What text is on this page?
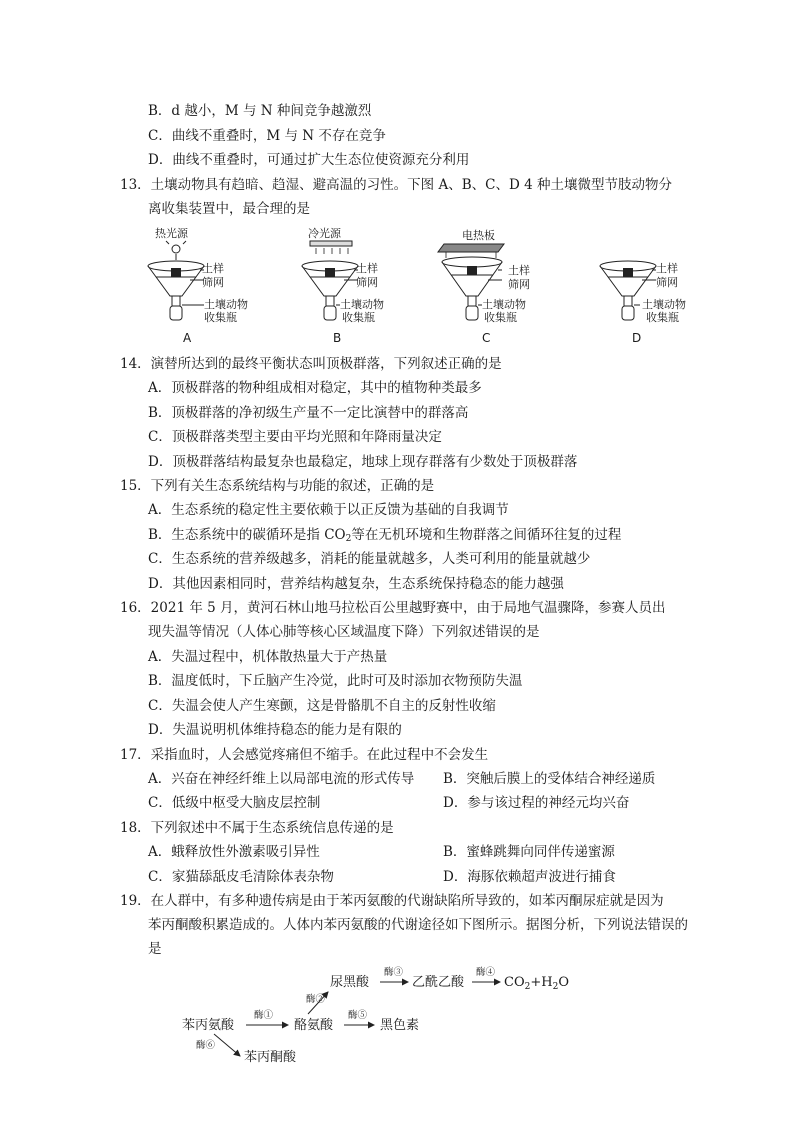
B．d 越小，M 与 N 种间竞争越激烈
C．曲线不重叠时，M 与 N 不存在竞争
D．曲线不重叠时，可通过扩大生态位使资源充分利用
13．土壤动物具有趋暗、趋湿、避高温的习性。下图 A、B、C、D 4 种土壤微型节肢动物分
离收集装置中，最合理的是
热光源
土样
筛网
土壤动物
收集瓶
A
冷光源
土样
筛网
土壤动物
收集瓶
B
电热板
土样
筛网
土壤动物
收集瓶
C
土样
筛网
土壤动物
收集瓶
D
14．演替所达到的最终平衡状态叫顶极群落，下列叙述正确的是
A．顶极群落的物种组成相对稳定，其中的植物种类最多
B．顶极群落的净初级生产量不一定比演替中的群落高
C．顶极群落类型主要由平均光照和年降雨量决定
D．顶极群落结构最复杂也最稳定，地球上现存群落有少数处于顶极群落
15．下列有关生态系统结构与功能的叙述，正确的是
A．生态系统的稳定性主要依赖于以正反馈为基础的自我调节
B．生态系统中的碳循环是指 $CO_2$等在无机环境和生物群落之间循环往复的过程
C．生态系统的营养级越多，消耗的能量就越多，人类可利用的能量就越少
D．其他因素相同时，营养结构越复杂，生态系统保持稳态的能力越强
16．2021 年 5 月，黄河石林山地马拉松百公里越野赛中，由于局地气温骤降，参赛人员出
现失温等情况（人体心肺等核心区域温度下降）下列叙述错误的是
A．失温过程中，机体散热量大于产热量
B．温度低时，下丘脑产生冷觉，此时可及时添加衣物预防失温
C．失温会使人产生寒颤，这是骨骼肌不自主的反射性收缩
D．失温说明机体维持稳态的能力是有限的
17．采指血时，人会感觉疼痛但不缩手。在此过程中不会发生
A．兴奋在神经纤维上以局部电流的形式传导 B．突触后膜上的受体结合神经递质
C．低级中枢受大脑皮层控制	D．参与该过程的神经元均兴奋
18．下列叙述中不属于生态系统信息传递的是
A．蛾释放性外激素吸引异性	B．蜜蜂跳舞向同伴传递蜜源
C．家猫舔舐皮毛清除体表杂物	D．海豚依赖超声波进行捕食
19．在人群中，有多种遗传病是由于苯丙氨酸的代谢缺陷所导致的，如苯丙酮尿症就是因为
苯丙酮酸积累造成的。人体内苯丙氨酸的代谢途径如下图所示。据图分析，下列说法错误的
是
尿黑酸
酶③
乙酰乙酸
酶④
$CO_2+H_2O$
酶②
苯丙氨酸
酶①
酪氨酸
酶⑤
黑色素
酶⑥
苯丙酮酸
